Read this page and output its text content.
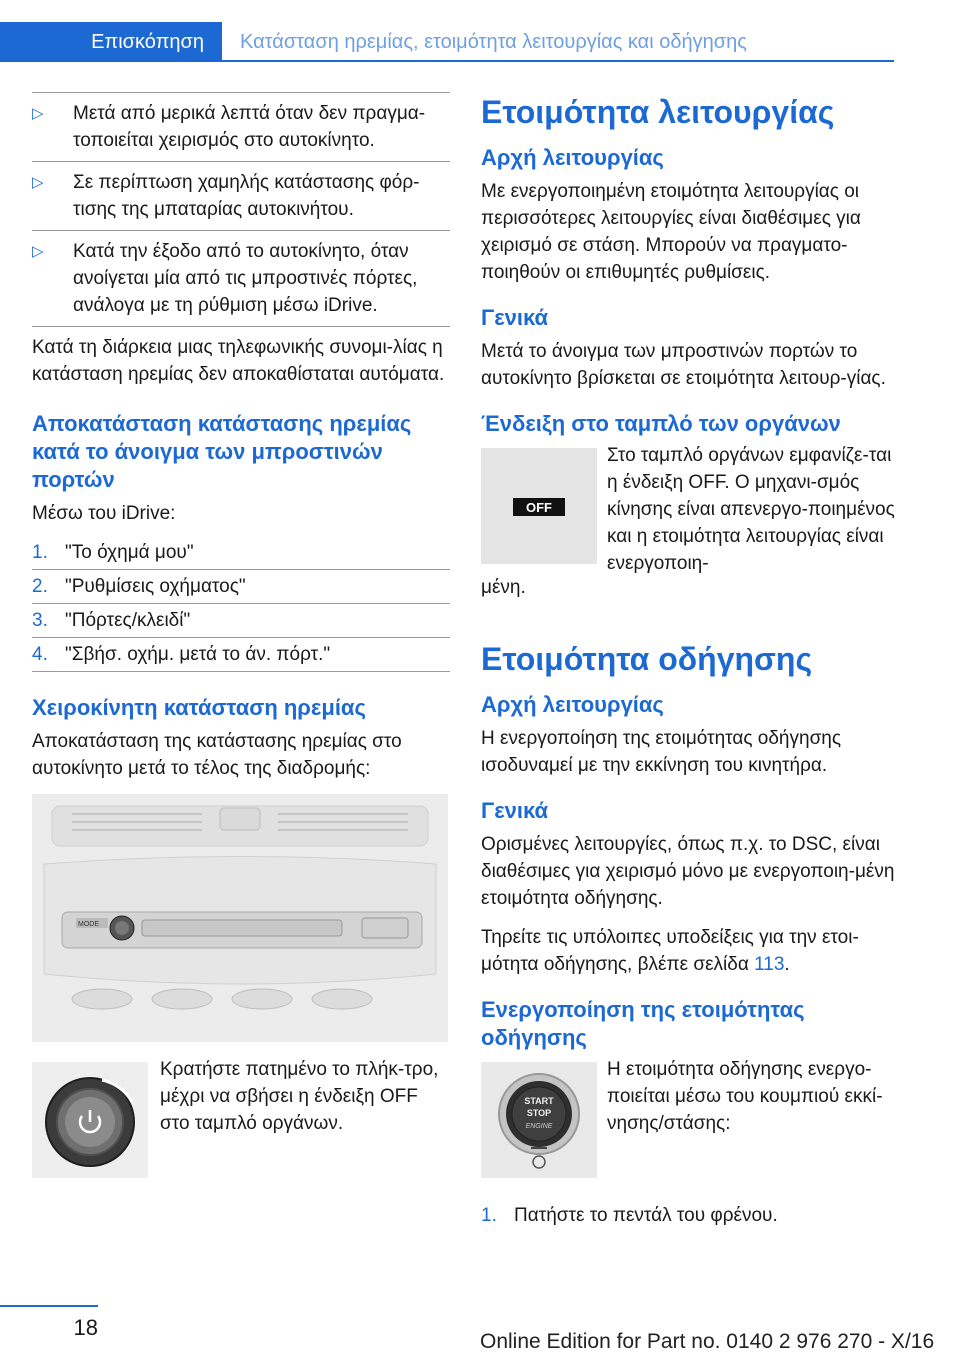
Επισκόπηση	Κατάσταση ηρεμίας, ετοιμότητα λειτουργίας και οδήγησης
▷ Μετά από μερικά λεπτά όταν δεν πραγμα-τοποιείται χειρισμός στο αυτοκίνητο.
▷ Σε περίπτωση χαμηλής κατάστασης φόρ-τισης της μπαταρίας αυτοκινήτου.
▷ Κατά την έξοδο από το αυτοκίνητο, όταν ανοίγεται μία από τις μπροστινές πόρτες, ανάλογα με τη ρύθμιση μέσω iDrive.

Κατά τη διάρκεια μιας τηλεφωνικής συνομι-λίας η κατάσταση ηρεμίας δεν αποκαθίσταται αυτόματα.

Αποκατάσταση κατάστασης ηρεμίας κατά το άνοιγμα των μπροστινών πορτών

Μέσω του iDrive:

1. "Το όχημά μου"
2. "Ρυθμίσεις οχήματος"
3. "Πόρτες/κλειδί"
4. "Σβήσ. οχήμ. μετά το άν. πόρτ."
Χειροκίνητη κατάσταση ηρεμίας

Αποκατάσταση της κατάστασης ηρεμίας στο αυτοκίνητο μετά το τέλος της διαδρομής:

MODE

Κρατήστε πατημένο το πλήκ-τρο, μέχρι να σβήσει η ένδειξη OFF στο ταμπλό οργάνων.

Ετοιμότητα λειτουργίας
Αρχή λειτουργίας

Με ενεργοποιημένη ετοιμότητα λειτουργίας οι περισσότερες λειτουργίες είναι διαθέσιμες για χειρισμό σε στάση. Μπορούν να πραγματο-ποιηθούν οι επιθυμητές ρυθμίσεις.

Γενικά

Μετά το άνοιγμα των μπροστινών πορτών το αυτοκίνητο βρίσκεται σε ετοιμότητα λειτουρ-γίας.

Ένδειξη στο ταμπλό των οργάνων
OFF

Στο ταμπλό οργάνων εμφανίζε-ται η ένδειξη OFF. Ο μηχανι-σμός κίνησης είναι απενεργο-ποιημένος και η ετοιμότητα λειτουργίας είναι ενεργοποιη-

μένη.

Ετοιμότητα οδήγησης
Αρχή λειτουργίας

Η ενεργοποίηση της ετοιμότητας οδήγησης ισοδυναμεί με την εκκίνηση του κινητήρα.

Γενικά

Ορισμένες λειτουργίες, όπως π.χ. το DSC, είναι διαθέσιμες για χειρισμό μόνο με ενεργοποιη-μένη ετοιμότητα οδήγησης.

Τηρείτε τις υπόλοιπες υποδείξεις για την ετοι-μότητα οδήγησης, βλέπε σελίδα 113.

Ενεργοποίηση της ετοιμότητας οδήγησης
START
STOP
ENGINE

Η ετοιμότητα οδήγησης ενεργο-ποιείται μέσω του κουμπιού εκκί-νησης/στάσης:

1. Πατήστε το πεντάλ του φρένου.
18
Online Edition for Part no. 0140 2 976 270 - X/16
